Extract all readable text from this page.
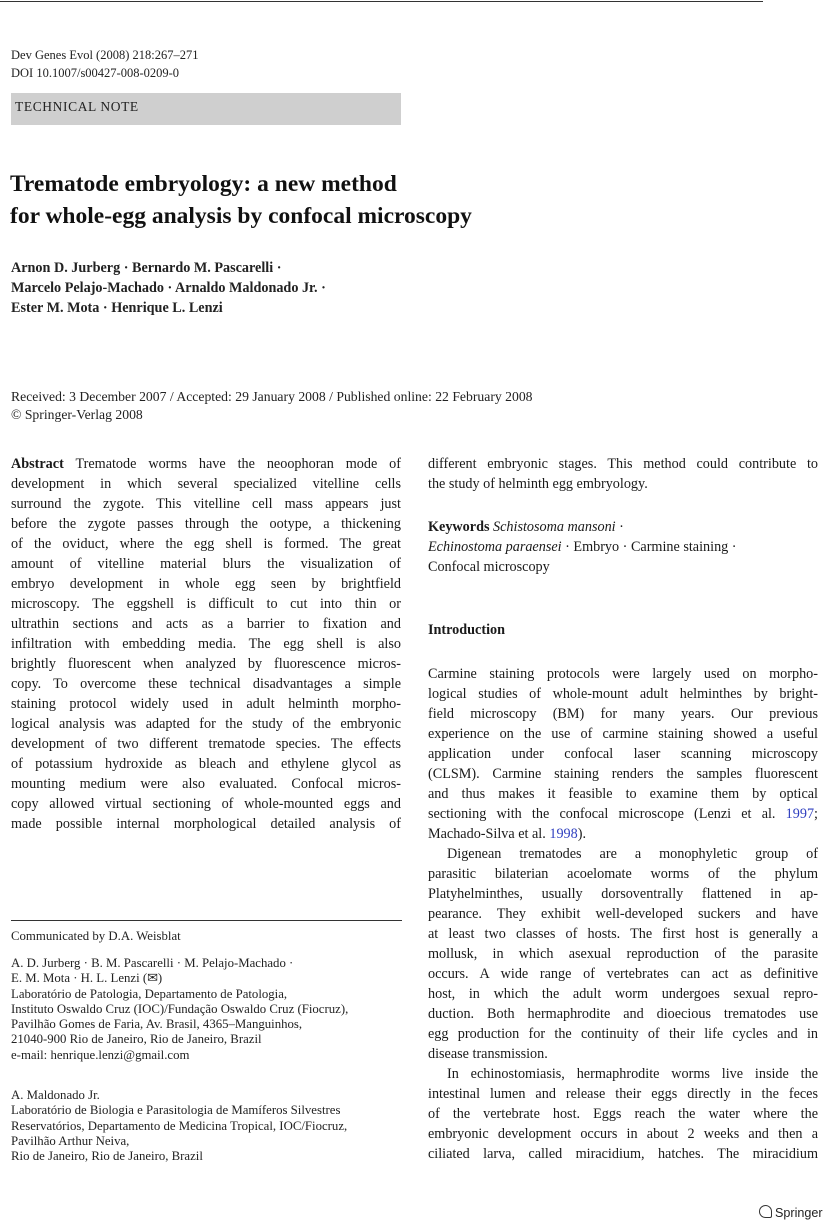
Dev Genes Evol (2008) 218:267–271
DOI 10.1007/s00427-008-0209-0
TECHNICAL NOTE
Trematode embryology: a new method
for whole-egg analysis by confocal microscopy
Arnon D. Jurberg · Bernardo M. Pascarelli ·
Marcelo Pelajo-Machado · Arnaldo Maldonado Jr. ·
Ester M. Mota · Henrique L. Lenzi
Received: 3 December 2007 / Accepted: 29 January 2008 / Published online: 22 February 2008
© Springer-Verlag 2008
Abstract Trematode worms have the neoophoran mode of
development in which several specialized vitelline cells
surround the zygote. This vitelline cell mass appears just
before the zygote passes through the ootype, a thickening
of the oviduct, where the egg shell is formed. The great
amount of vitelline material blurs the visualization of
embryo development in whole egg seen by brightfield
microscopy. The eggshell is difficult to cut into thin or
ultrathin sections and acts as a barrier to fixation and
infiltration with embedding media. The egg shell is also
brightly fluorescent when analyzed by fluorescence micros-
copy. To overcome these technical disadvantages a simple
staining protocol widely used in adult helminth morpho-
logical analysis was adapted for the study of the embryonic
development of two different trematode species. The effects
of potassium hydroxide as bleach and ethylene glycol as
mounting medium were also evaluated. Confocal micros-
copy allowed virtual sectioning of whole-mounted eggs and
made possible internal morphological detailed analysis of
Communicated by D.A. Weisblat
A. D. Jurberg · B. M. Pascarelli · M. Pelajo-Machado ·
E. M. Mota · H. L. Lenzi (✉)
Laboratório de Patologia, Departamento de Patologia,
Instituto Oswaldo Cruz (IOC)/Fundação Oswaldo Cruz (Fiocruz),
Pavilhão Gomes de Faria, Av. Brasil, 4365–Manguinhos,
21040-900 Rio de Janeiro, Rio de Janeiro, Brazil
e-mail: henrique.lenzi@gmail.com
A. Maldonado Jr.
Laboratório de Biologia e Parasitologia de Mamíferos Silvestres
Reservatórios, Departamento de Medicina Tropical, IOC/Fiocruz,
Pavilhão Arthur Neiva,
Rio de Janeiro, Rio de Janeiro, Brazil
different embryonic stages. This method could contribute to
the study of helminth egg embryology.
Keywords Schistosoma mansoni ·
Echinostoma paraensei · Embryo · Carmine staining ·
Confocal microscopy
Introduction
Carmine staining protocols were largely used on morpho-
logical studies of whole-mount adult helminthes by bright-
field microscopy (BM) for many years. Our previous
experience on the use of carmine staining showed a useful
application under confocal laser scanning microscopy
(CLSM). Carmine staining renders the samples fluorescent
and thus makes it feasible to examine them by optical
sectioning with the confocal microscope (Lenzi et al. 1997;
Machado-Silva et al. 1998).
Digenean trematodes are a monophyletic group of
parasitic bilaterian acoelomate worms of the phylum
Platyhelminthes, usually dorsoventrally flattened in ap-
pearance. They exhibit well-developed suckers and have
at least two classes of hosts. The first host is generally a
mollusk, in which asexual reproduction of the parasite
occurs. A wide range of vertebrates can act as definitive
host, in which the adult worm undergoes sexual repro-
duction. Both hermaphrodite and dioecious trematodes use
egg production for the continuity of their life cycles and in
disease transmission.
In echinostomiasis, hermaphrodite worms live inside the
intestinal lumen and release their eggs directly in the feces
of the vertebrate host. Eggs reach the water where the
embryonic development occurs in about 2 weeks and then a
ciliated larva, called miracidium, hatches. The miracidium
Springer
